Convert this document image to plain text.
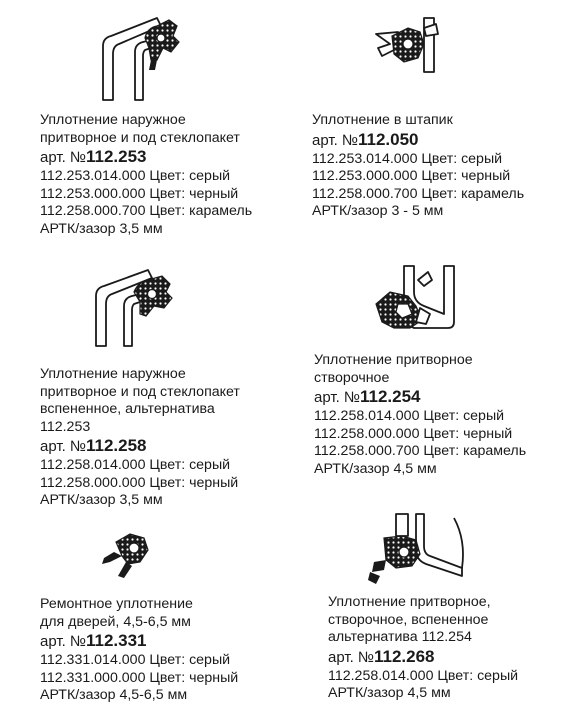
Уплотнение наружное
притворное и под стеклопакет
арт. №112.253
112.253.014.000 Цвет: серый
112.253.000.000 Цвет: черный
112.258.000.700 Цвет: карамель
АРТК/зазор 3,5 мм
Уплотнение в штапик
арт. №112.050
112.253.014.000 Цвет: серый
112.253.000.000 Цвет: черный
112.258.000.700 Цвет: карамель
АРТК/зазор 3 - 5 мм
Уплотнение наружное
притворное и под стеклопакет
вспененное, альтернатива
112.253
арт. №112.258
112.258.014.000 Цвет: серый
112.258.000.000 Цвет: черный
АРТК/зазор 3,5 мм
Уплотнение притворное
створочное
арт. №112.254
112.258.014.000 Цвет: серый
112.258.000.000 Цвет: черный
112.258.000.700 Цвет: карамель
АРТК/зазор 4,5 мм
Ремонтное уплотнение
для дверей, 4,5-6,5 мм
арт. №112.331
112.331.014.000 Цвет: серый
112.331.000.000 Цвет: черный
АРТК/зазор 4,5-6,5 мм
Уплотнение притворное,
створочное, вспененное
альтернатива 112.254
арт. №112.268
112.258.014.000 Цвет: серый
АРТК/зазор 4,5 мм
